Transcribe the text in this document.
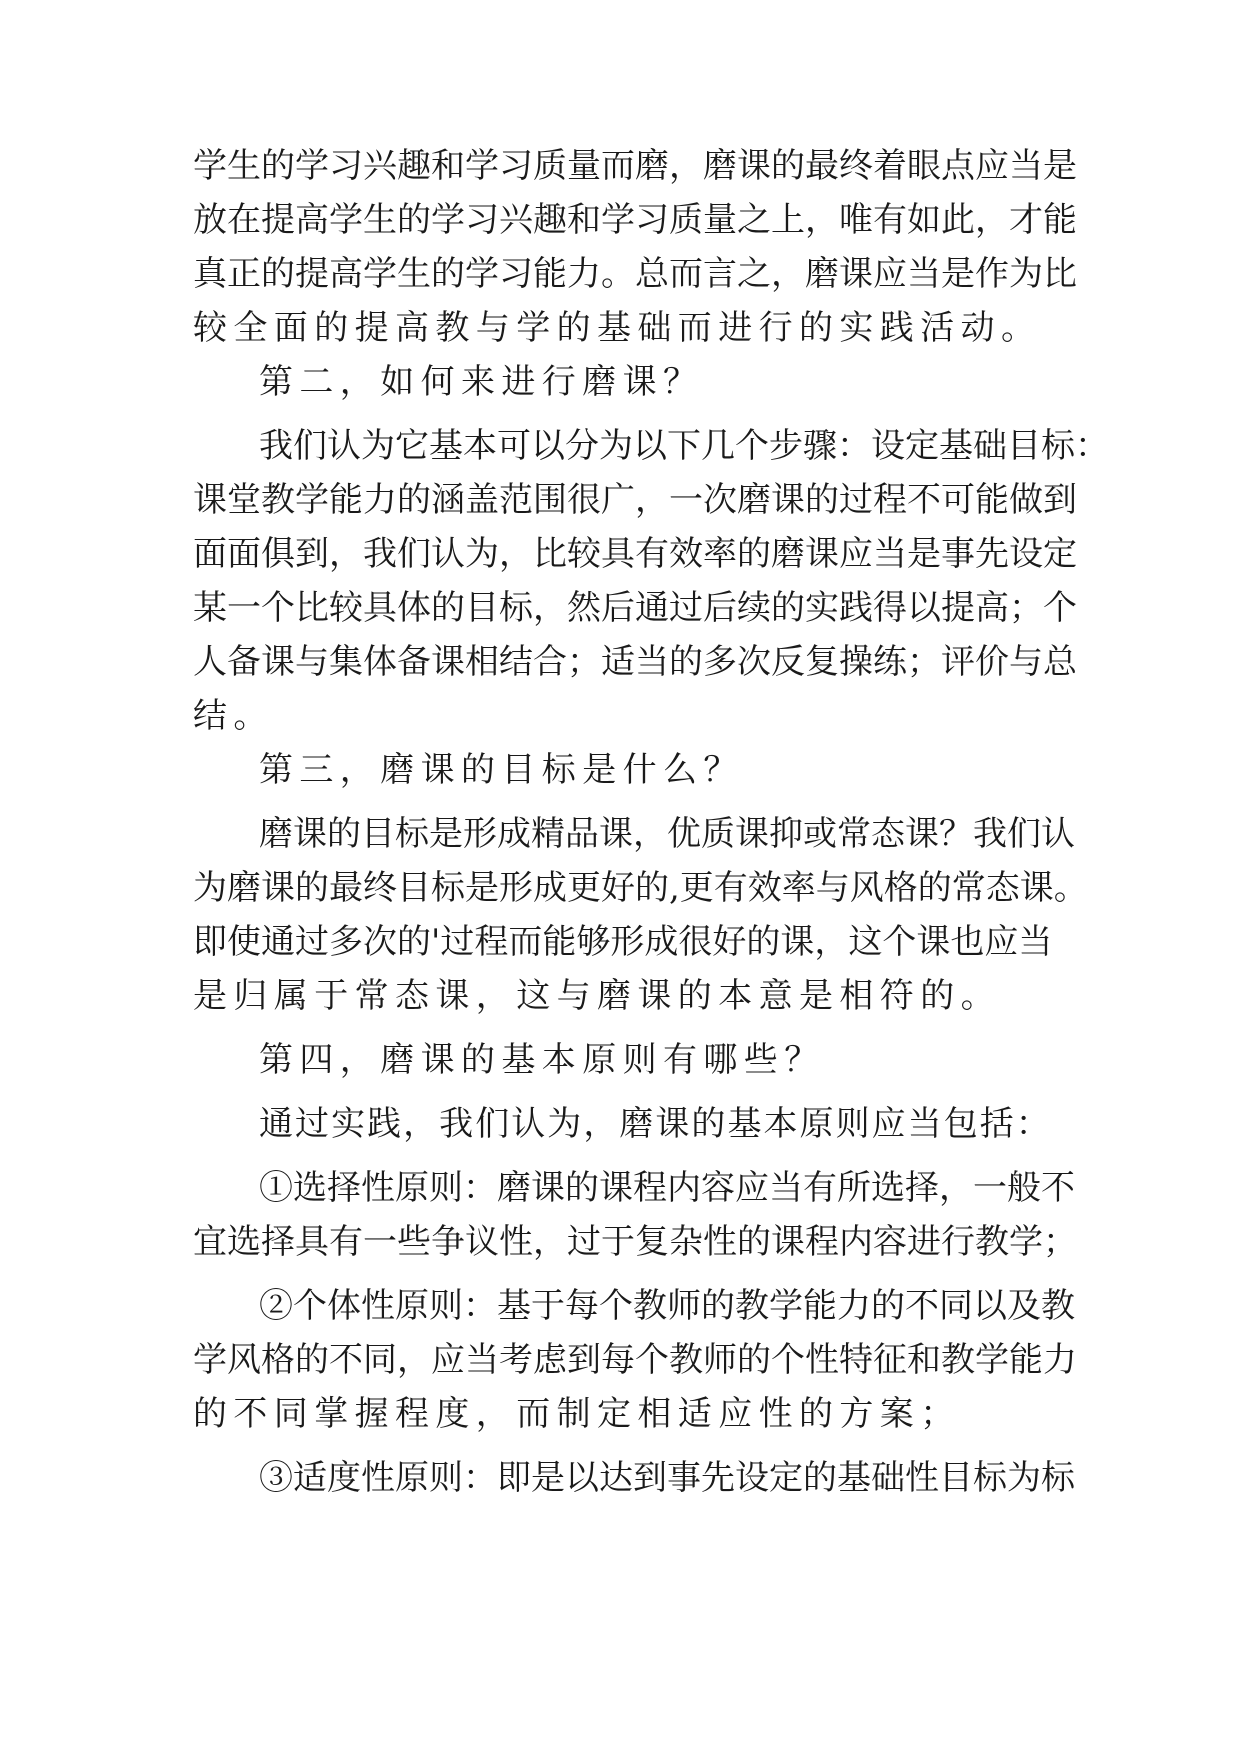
学生的学习兴趣和学习质量而磨，磨课的最终着眼点应当是
放在提高学生的学习兴趣和学习质量之上，唯有如此，才能
真正的提高学生的学习能力。总而言之，磨课应当是作为比
较全面的提高教与学的基础而进行的实践活动。
第二，如何来进行磨课？
我们认为它基本可以分为以下几个步骤：设定基础目标：
课堂教学能力的涵盖范围很广，一次磨课的过程不可能做到
面面俱到，我们认为，比较具有效率的磨课应当是事先设定
某一个比较具体的目标，然后通过后续的实践得以提高；个
人备课与集体备课相结合；适当的多次反复操练；评价与总
结。
第三，磨课的目标是什么？
磨课的目标是形成精品课，优质课抑或常态课？我们认
为磨课的最终目标是形成更好的,更有效率与风格的常态课。
即使通过多次的'过程而能够形成很好的课，这个课也应当
是归属于常态课，这与磨课的本意是相符的。
第四，磨课的基本原则有哪些？
通过实践，我们认为，磨课的基本原则应当包括：
①选择性原则：磨课的课程内容应当有所选择，一般不
宜选择具有一些争议性，过于复杂性的课程内容进行教学；
②个体性原则：基于每个教师的教学能力的不同以及教
学风格的不同，应当考虑到每个教师的个性特征和教学能力
的不同掌握程度，而制定相适应性的方案；
③适度性原则：即是以达到事先设定的基础性目标为标
